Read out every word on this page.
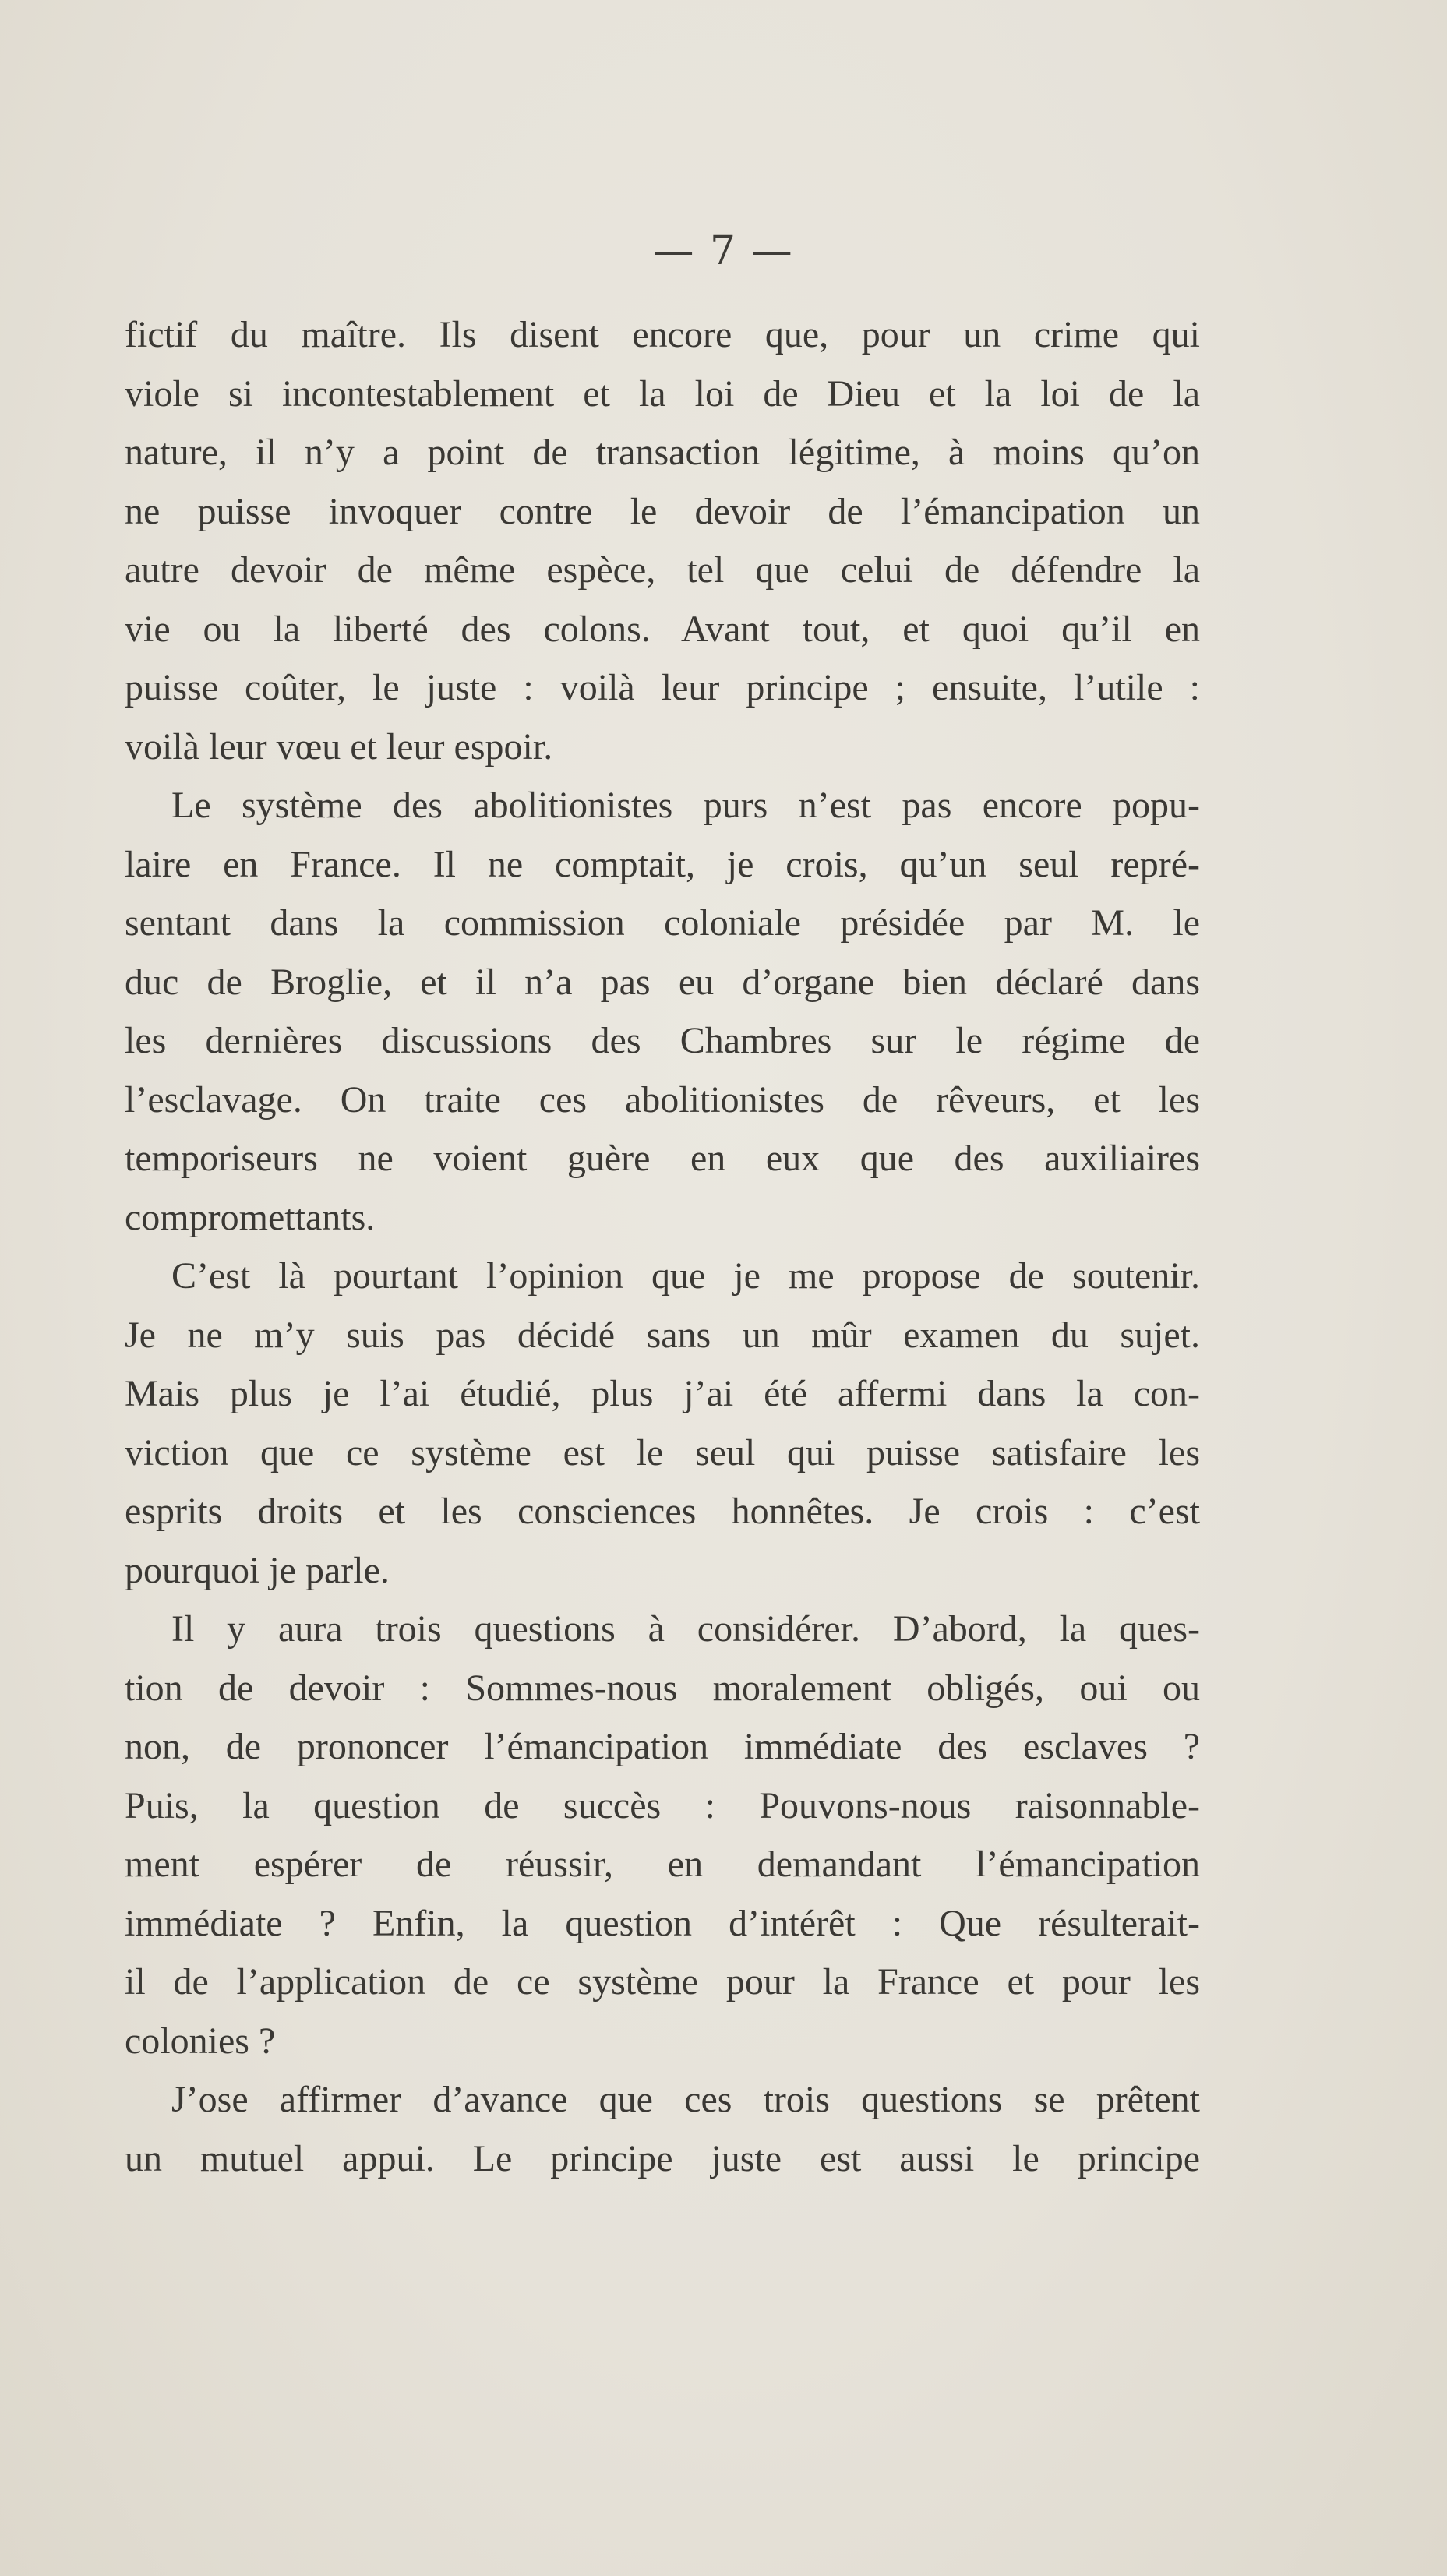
— 7 —
fictif du maître. Ils disent encore que, pour un crime qui
viole si incontestablement et la loi de Dieu et la loi de la
nature, il n’y a point de transaction légitime, à moins qu’on
ne puisse invoquer contre le devoir de l’émancipation un
autre devoir de même espèce, tel que celui de défendre la
vie ou la liberté des colons. Avant tout, et quoi qu’il en
puisse coûter, le juste : voilà leur principe ; ensuite, l’utile :
voilà leur vœu et leur espoir.
Le système des abolitionistes purs n’est pas encore popu-
laire en France. Il ne comptait, je crois, qu’un seul repré-
sentant dans la commission coloniale présidée par M. le
duc de Broglie, et il n’a pas eu d’organe bien déclaré dans
les dernières discussions des Chambres sur le régime de
l’esclavage. On traite ces abolitionistes de rêveurs, et les
temporiseurs ne voient guère en eux que des auxiliaires
compromettants.
C’est là pourtant l’opinion que je me propose de soutenir.
Je ne m’y suis pas décidé sans un mûr examen du sujet.
Mais plus je l’ai étudié, plus j’ai été affermi dans la con-
viction que ce système est le seul qui puisse satisfaire les
esprits droits et les consciences honnêtes. Je crois : c’est
pourquoi je parle.
Il y aura trois questions à considérer. D’abord, la ques-
tion de devoir : Sommes-nous moralement obligés, oui ou
non, de prononcer l’émancipation immédiate des esclaves ?
Puis, la question de succès : Pouvons-nous raisonnable-
ment espérer de réussir, en demandant l’émancipation
immédiate ? Enfin, la question d’intérêt : Que résulterait-
il de l’application de ce système pour la France et pour les
colonies ?
J’ose affirmer d’avance que ces trois questions se prêtent
un mutuel appui. Le principe juste est aussi le principe
